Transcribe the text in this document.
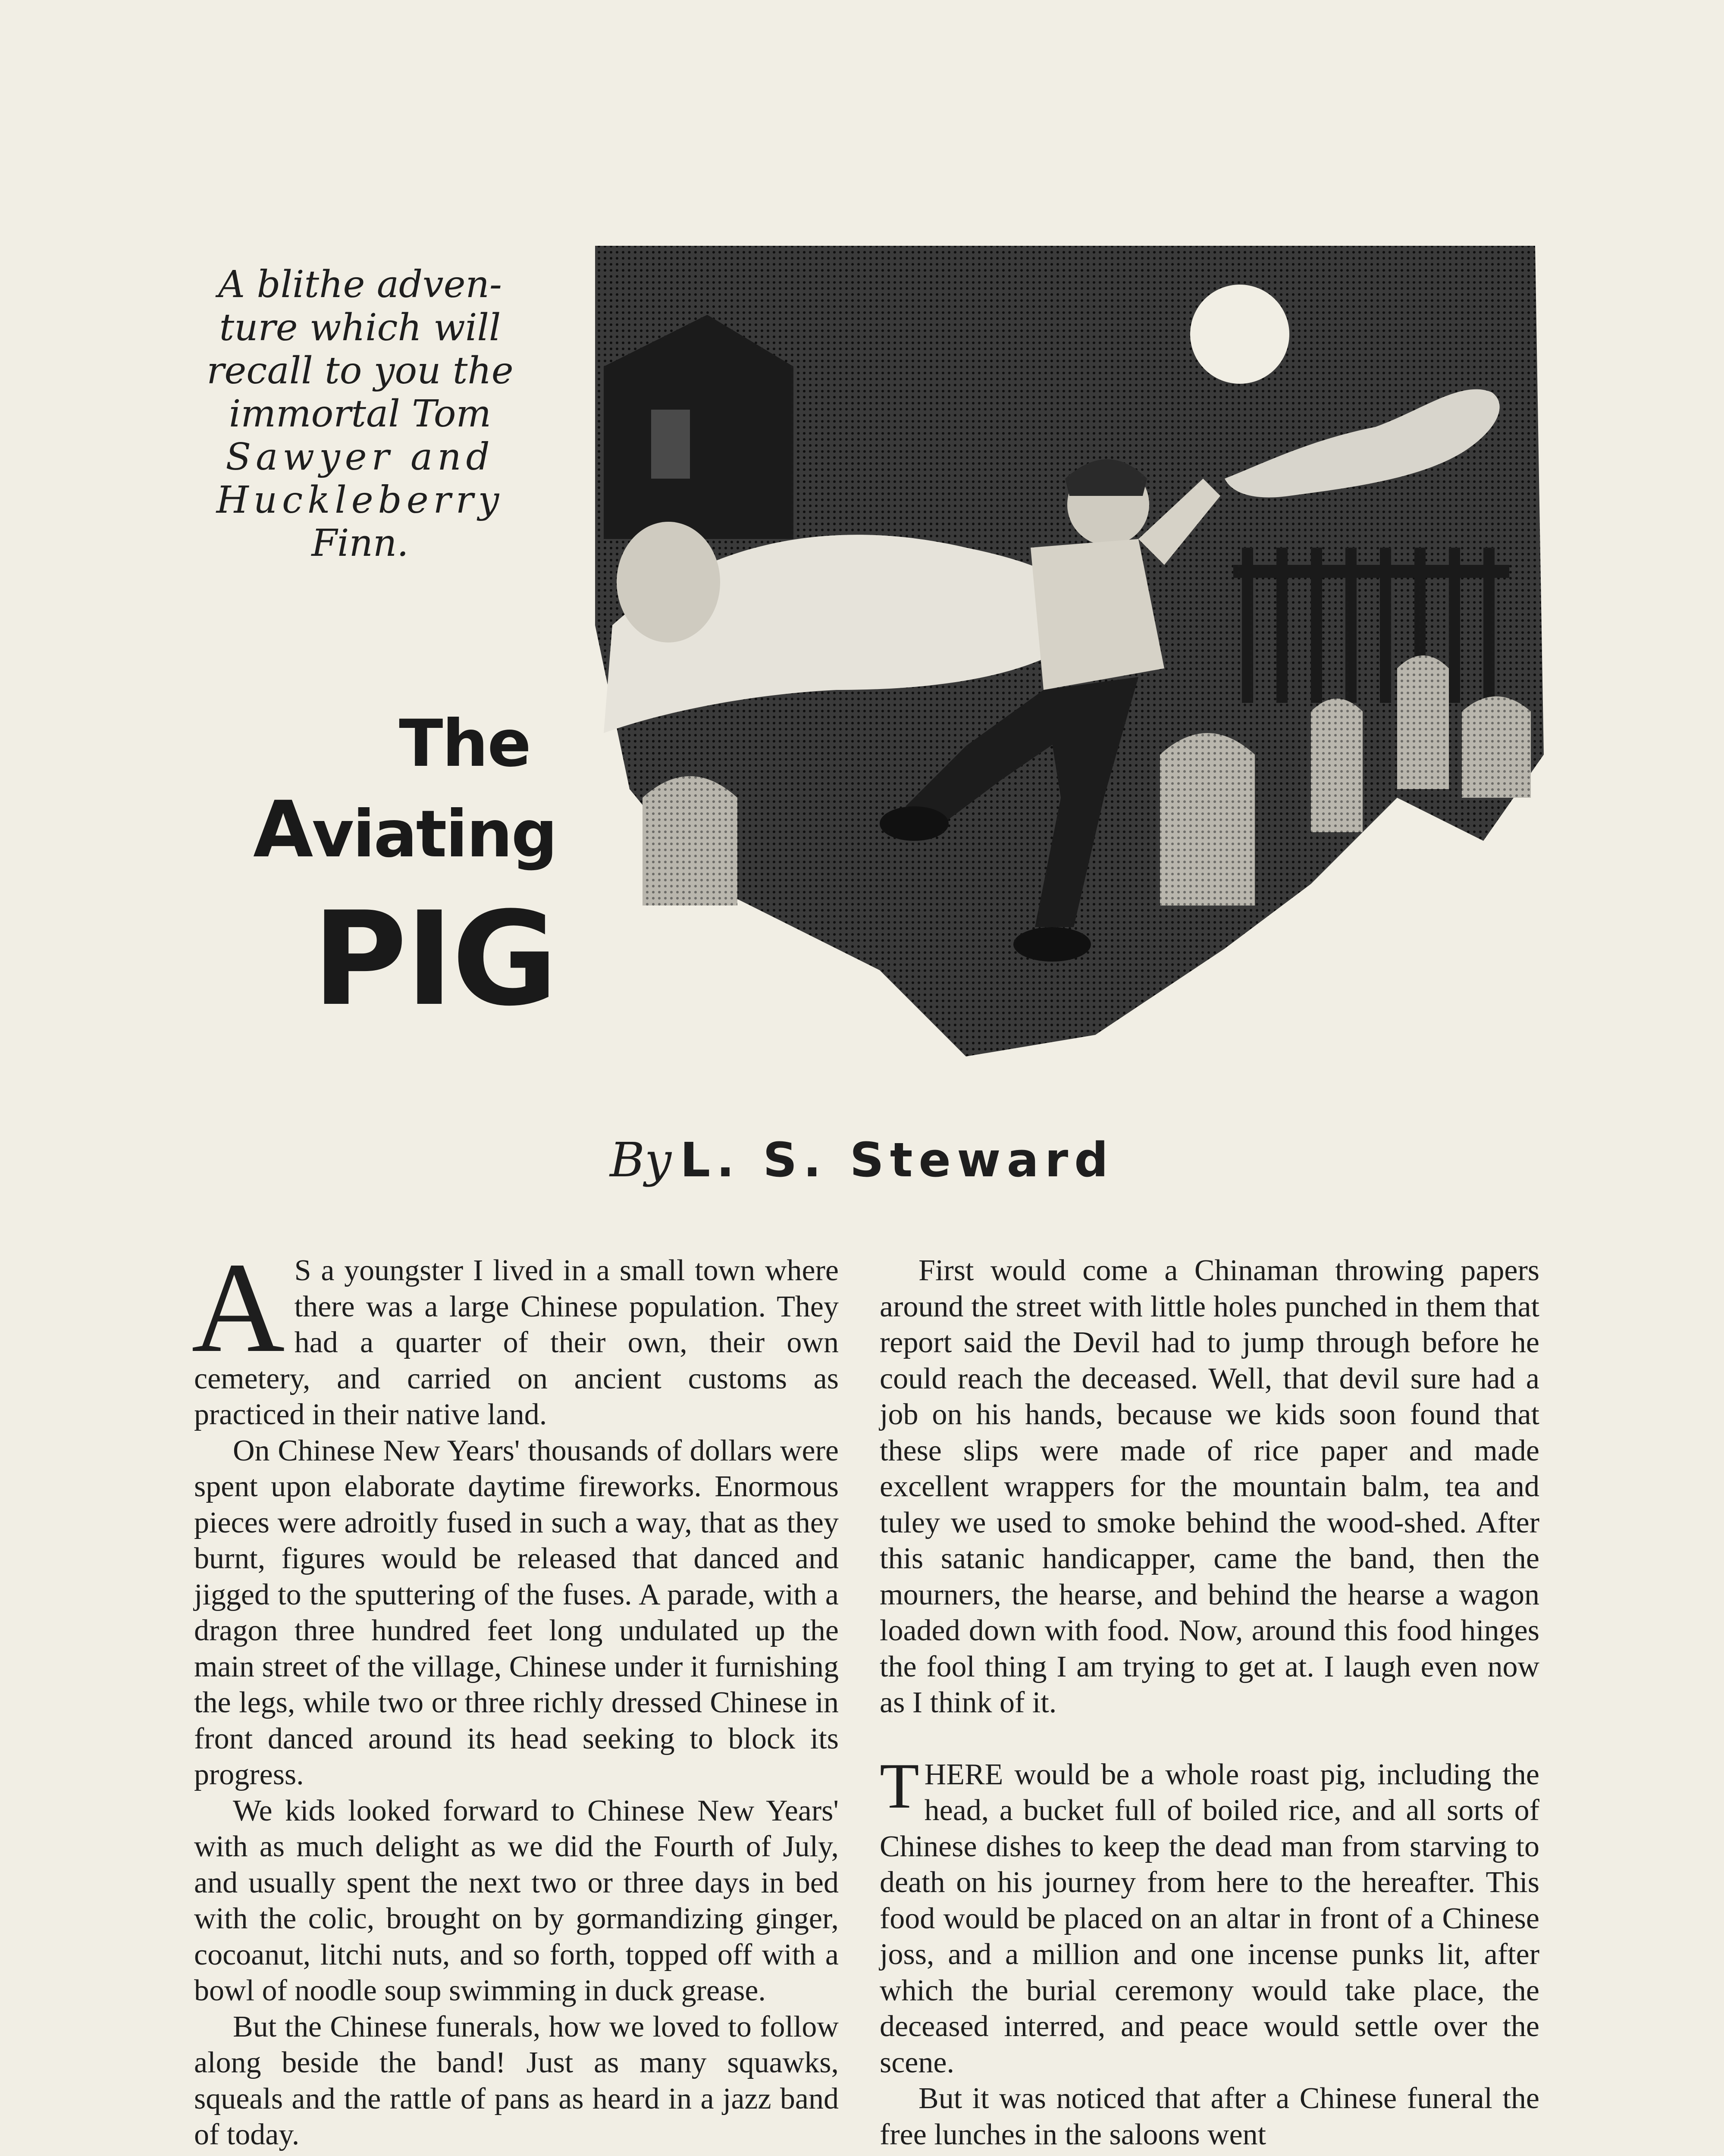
A blithe adven-
ture which will
recall to you the
immortal Tom
Sawyer and
Huckleberry
Finn.
The
Aviating
PIG
By L. S. Steward

A S a youngster I lived in a small town where there was a large Chinese population. They had a quarter of their own, their own cemetery, and carried on ancient customs as practiced in their native land.

On Chinese New Years' thousands of dollars were spent upon elaborate daytime fireworks. Enormous pieces were adroitly fused in such a way, that as they burnt, figures would be released that danced and jigged to the sputtering of the fuses. A parade, with a dragon three hundred feet long undulated up the main street of the village, Chinese under it furnishing the legs, while two or three richly dressed Chinese in front danced around its head seeking to block its progress.

We kids looked forward to Chinese New Years' with as much delight as we did the Fourth of July, and usually spent the next two or three days in bed with the colic, brought on by gormandizing ginger, cocoanut, litchi nuts, and so forth, topped off with a bowl of noodle soup swimming in duck grease.

But the Chinese funerals, how we loved to follow along beside the band! Just as many squawks, squeals and the rattle of pans as heard in a jazz band of today.

First would come a Chinaman throwing papers around the street with little holes punched in them that report said the Devil had to jump through before he could reach the deceased. Well, that devil sure had a job on his hands, because we kids soon found that these slips were made of rice paper and made excellent wrappers for the mountain balm, tea and tuley we used to smoke behind the wood-shed. After this satanic handicapper, came the band, then the mourners, the hearse, and behind the hearse a wagon loaded down with food. Now, around this food hinges the fool thing I am trying to get at. I laugh even now as I think of it.

THERE would be a whole roast pig, including the head, a bucket full of boiled rice, and all sorts of Chinese dishes to keep the dead man from starving to death on his journey from here to the hereafter. This food would be placed on an altar in front of a Chinese joss, and a million and one incense punks lit, after which the burial ceremony would take place, the deceased interred, and peace would settle over the scene.

But it was noticed that after a Chinese funeral the free lunches in the saloons went
